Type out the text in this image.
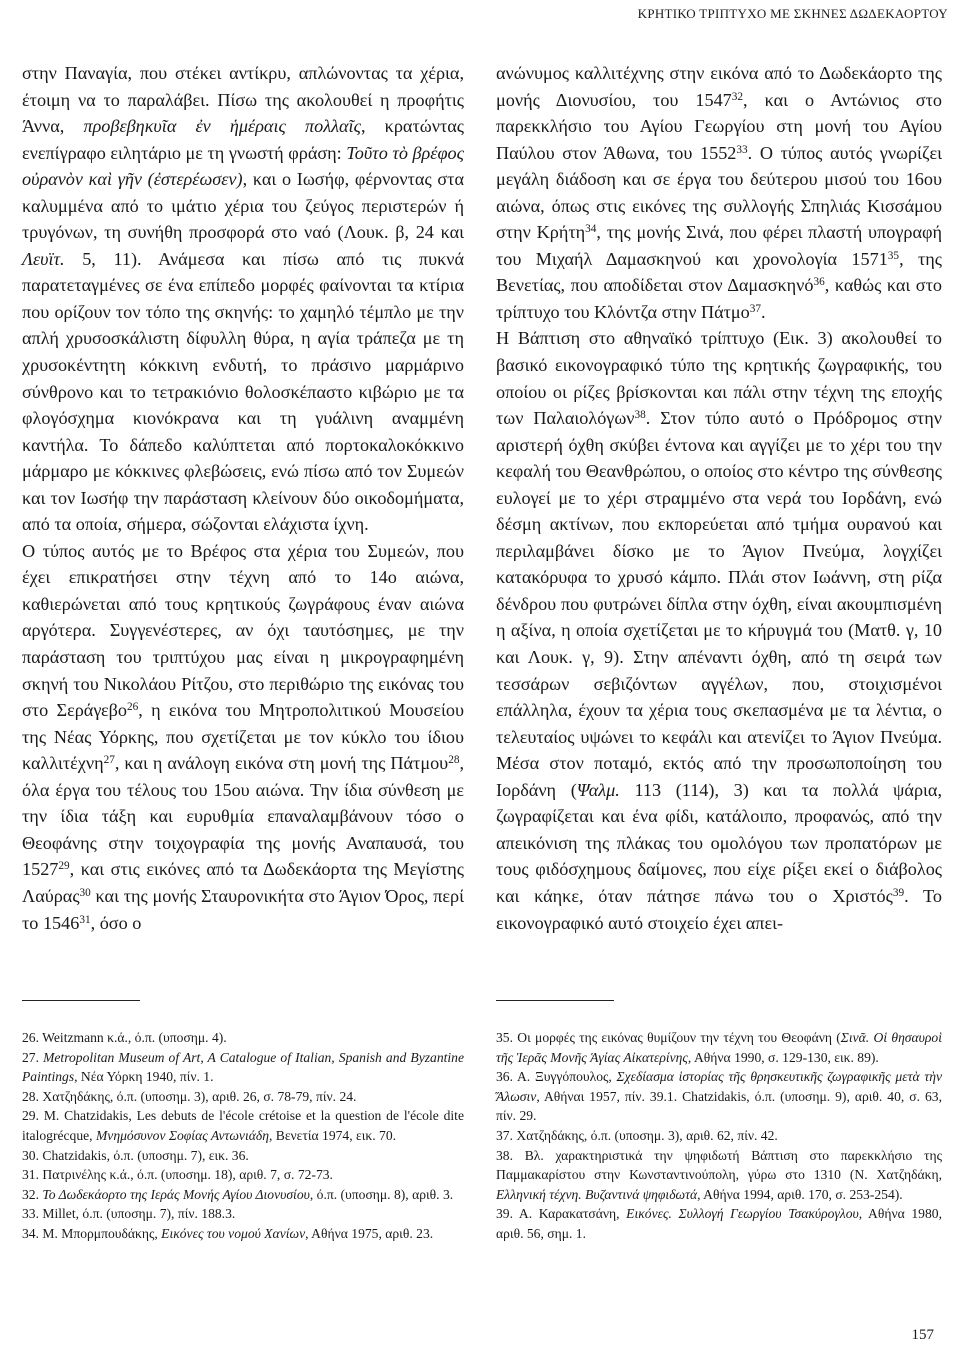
ΚΡΗΤΙΚΟ ΤΡΙΠΤΥΧΟ ΜΕ ΣΚΗΝΕΣ ΔΩΔΕΚΑΟΡΤΟΥ

στην Παναγία, που στέκει αντίκρυ, απλώνοντας τα χέρια, έτοιμη να το παραλάβει. Πίσω της ακολουθεί η προφήτις Άννα, προβεβηκυῖα ἐν ἡμέραις πολλαῖς, κρατώντας ενεπίγραφο ειλητάριο με τη γνωστή φράση: Τοῦτο τὸ βρέφος οὐρανὸν καὶ γῆν (ἐστερέωσεν), και ο Ιωσήφ, φέρνοντας στα καλυμμένα από το ιμάτιο χέρια του ζεύγος περιστερών ή τρυγόνων, τη συνήθη προσφορά στο ναό (Λουκ. β, 24 και Λευϊτ. 5, 11). Ανάμεσα και πίσω από τις πυκνά παρατεταγμένες σε ένα επίπεδο μορφές φαίνονται τα κτίρια που ορίζουν τον τόπο της σκηνής: το χαμηλό τέμπλο με την απλή χρυσοσκάλιστη δίφυλλη θύρα, η αγία τράπεζα με τη χρυσοκέντητη κόκκινη ενδυτή, το πράσινο μαρμάρινο σύνθρονο και το τετρακιόνιο θολοσκέπαστο κιβώριο με τα φλογόσχημα κιονόκρανα και τη γυάλινη αναμμένη καντήλα. Το δάπεδο καλύπτεται από πορτοκαλοκόκκινο μάρμαρο με κόκκινες φλεβώσεις, ενώ πίσω από τον Συμεών και τον Ιωσήφ την παράσταση κλείνουν δύο οικοδομήματα, από τα οποία, σήμερα, σώζονται ελάχιστα ίχνη.

Ο τύπος αυτός με το Βρέφος στα χέρια του Συμεών, που έχει επικρατήσει στην τέχνη από το 14ο αιώνα, καθιερώνεται από τους κρητικούς ζωγράφους έναν αιώνα αργότερα. Συγγενέστερες, αν όχι ταυτόσημες, με την παράσταση του τριπτύχου μας είναι η μικρογραφημένη σκηνή του Νικολάου Ρίτζου, στο περιθώριο της εικόνας του στο Σεράγεβο$^{26}$, η εικόνα του Μητροπολιτικού Μουσείου της Νέας Υόρκης, που σχετίζεται με τον κύκλο του ίδιου καλλιτέχνη$^{27}$, και η ανάλογη εικόνα στη μονή της Πάτμου$^{28}$, όλα έργα του τέλους του 15ου αιώνα. Την ίδια σύνθεση με την ίδια τάξη και ευρυθμία επαναλαμβάνουν τόσο ο Θεοφάνης στην τοιχογραφία της μονής Αναπαυσά, του 1527$^{29}$, και στις εικόνες από τα Δωδεκάορτα της Μεγίστης Λαύρας$^{30}$ και της μονής Σταυρονικήτα στο Άγιον Όρος, περί το 1546$^{31}$, όσο ο

ανώνυμος καλλιτέχνης στην εικόνα από το Δωδεκάορτο της μονής Διονυσίου, του 1547$^{32}$, και ο Αντώνιος στο παρεκκλήσιο του Αγίου Γεωργίου στη μονή του Αγίου Παύλου στον Άθωνα, του 1552$^{33}$. Ο τύπος αυτός γνωρίζει μεγάλη διάδοση και σε έργα του δεύτερου μισού του 16ου αιώνα, όπως στις εικόνες της συλλογής Σπηλιάς Κισσάμου στην Κρήτη$^{34}$, της μονής Σινά, που φέρει πλαστή υπογραφή του Μιχαήλ Δαμασκηνού και χρονολογία 1571$^{35}$, της Βενετίας, που αποδίδεται στον Δαμασκηνό$^{36}$, καθώς και στο τρίπτυχο του Κλόντζα στην Πάτμο$^{37}$.

Η Βάπτιση στο αθηναϊκό τρίπτυχο (Εικ. 3) ακολουθεί το βασικό εικονογραφικό τύπο της κρητικής ζωγραφικής, του οποίου οι ρίζες βρίσκονται και πάλι στην τέχνη της εποχής των Παλαιολόγων$^{38}$. Στον τύπο αυτό ο Πρόδρομος στην αριστερή όχθη σκύβει έντονα και αγγίζει με το χέρι του την κεφαλή του Θεανθρώπου, ο οποίος στο κέντρο της σύνθεσης ευλογεί με το χέρι στραμμένο στα νερά του Ιορδάνη, ενώ δέσμη ακτίνων, που εκπορεύεται από τμήμα ουρανού και περιλαμβάνει δίσκο με το Άγιον Πνεύμα, λογχίζει κατακόρυφα το χρυσό κάμπο. Πλάι στον Ιωάννη, στη ρίζα δένδρου που φυτρώνει δίπλα στην όχθη, είναι ακουμπισμένη η αξίνα, η οποία σχετίζεται με το κήρυγμά του (Ματθ. γ, 10 και Λουκ. γ, 9). Στην απέναντι όχθη, από τη σειρά των τεσσάρων σεβιζόντων αγγέλων, που, στοιχισμένοι επάλληλα, έχουν τα χέρια τους σκεπασμένα με τα λέντια, ο τελευταίος υψώνει το κεφάλι και ατενίζει το Άγιον Πνεύμα. Μέσα στον ποταμό, εκτός από την προσωποποίηση του Ιορδάνη (Ψαλμ. 113 (114), 3) και τα πολλά ψάρια, ζωγραφίζεται και ένα φίδι, κατάλοιπο, προφανώς, από την απεικόνιση της πλάκας του ομολόγου των προπατόρων με τους φιδόσχημους δαίμονες, που είχε ρίξει εκεί ο διάβολος και κάηκε, όταν πάτησε πάνω του ο Χριστός$^{39}$. Το εικονογραφικό αυτό στοιχείο έχει απει-

26. Weitzmann κ.ά., ό.π. (υποσημ. 4).

27. Metropolitan Museum of Art, A Catalogue of Italian, Spanish and Byzantine Paintings, Νέα Υόρκη 1940, πίν. 1.

28. Χατζηδάκης, ό.π. (υποσημ. 3), αριθ. 26, σ. 78-79, πίν. 24.

29. M. Chatzidakis, Les debuts de l'école crétoise et la question de l'école dite italogrécque, Μνημόσυνον Σοφίας Αντωνιάδη, Βενετία 1974, εικ. 70.

30. Chatzidakis, ό.π. (υποσημ. 7), εικ. 36.

31. Πατρινέλης κ.ά., ό.π. (υποσημ. 18), αριθ. 7, σ. 72-73.

32. Το Δωδεκάορτο της Ιεράς Μονής Αγίου Διονυσίου, ό.π. (υποσημ. 8), αριθ. 3.

33. Millet, ό.π. (υποσημ. 7), πίν. 188.3.

34. Μ. Μπορμπουδάκης, Εικόνες του νομού Χανίων, Αθήνα 1975, αριθ. 23.

35. Οι μορφές της εικόνας θυμίζουν την τέχνη του Θεοφάνη (Σινᾶ. Οἱ θησαυροὶ τῆς Ἱερᾶς Μονῆς Ἁγίας Αἰκατερίνης, Αθήνα 1990, σ. 129-130, εικ. 89).

36. Α. Ξυγγόπουλος, Σχεδίασμα ἱστορίας τῆς θρησκευτικῆς ζωγραφικῆς μετὰ τὴν Ἅλωσιν, Αθήναι 1957, πίν. 39.1. Chatzidakis, ό.π. (υποσημ. 9), αριθ. 40, σ. 63, πίν. 29.

37. Χατζηδάκης, ό.π. (υποσημ. 3), αριθ. 62, πίν. 42.

38. Βλ. χαρακτηριστικά την ψηφιδωτή Βάπτιση στο παρεκκλήσιο της Παμμακαρίστου στην Κωνσταντινούπολη, γύρω στο 1310 (Ν. Χατζηδάκη, Ελληνική τέχνη. Βυζαντινά ψηφιδωτά, Αθήνα 1994, αριθ. 170, σ. 253-254).

39. Α. Καρακατσάνη, Εικόνες. Συλλογή Γεωργίου Τσακύρογλου, Αθήνα 1980, αριθ. 56, σημ. 1.

157
